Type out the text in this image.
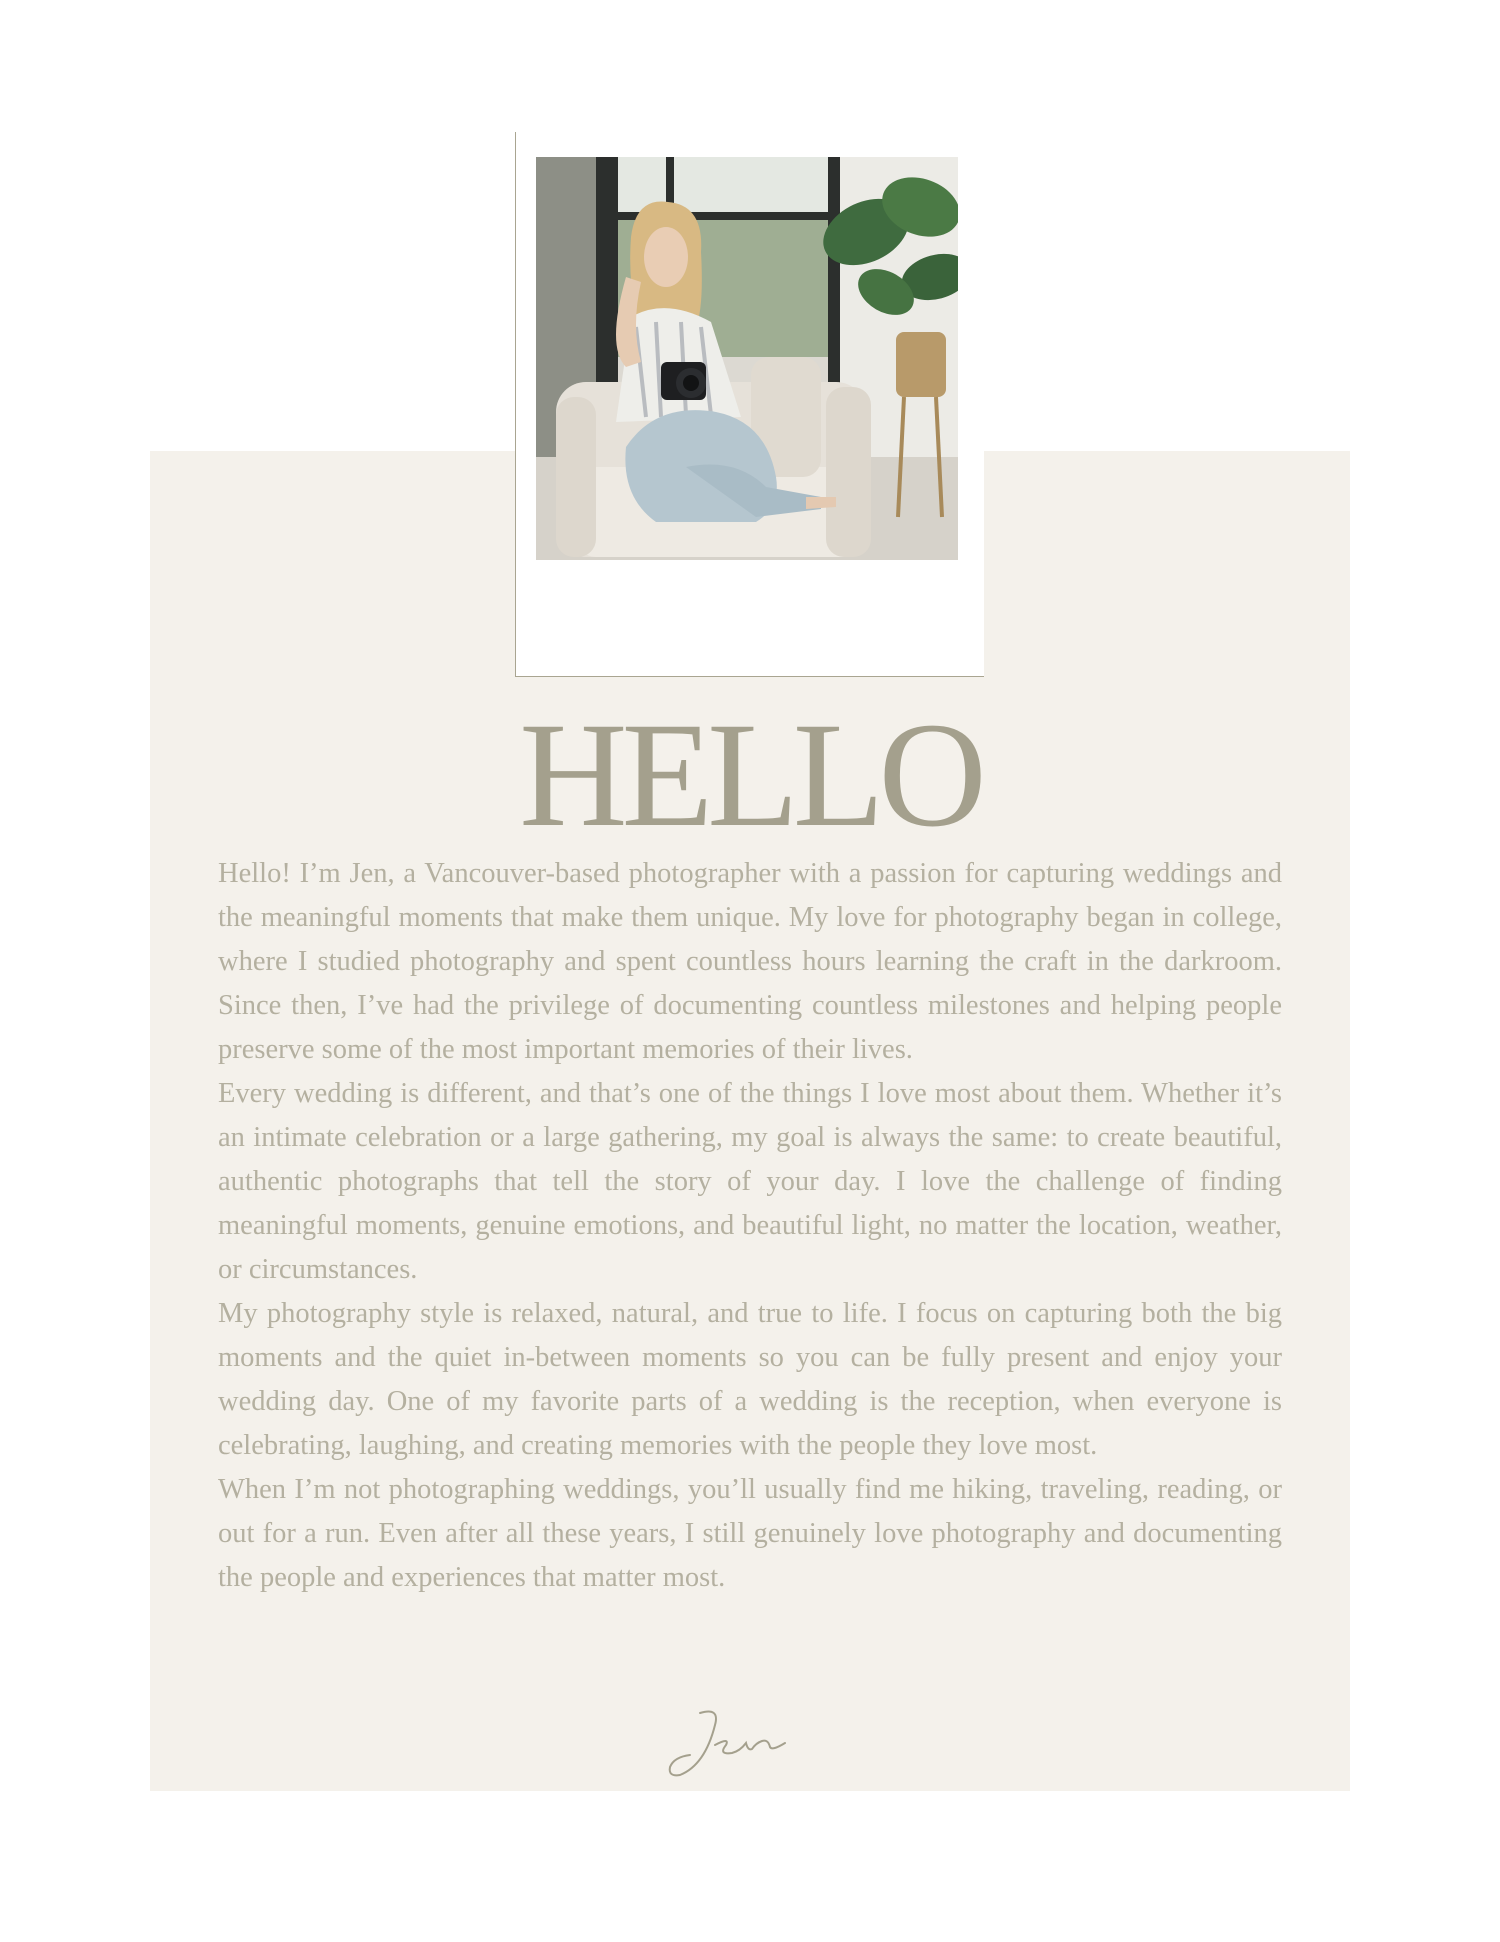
HELLO

Hello! I’m Jen, a Vancouver-based photographer with a passion for capturing weddings and the meaningful moments that make them unique. My love for photography began in college, where I studied photography and spent countless hours learning the craft in the darkroom. Since then, I’ve had the privilege of documenting countless milestones and helping people preserve some of the most important memories of their lives.

Every wedding is different, and that’s one of the things I love most about them. Whether it’s an intimate celebration or a large gathering, my goal is always the same: to create beautiful, authentic photographs that tell the story of your day. I love the challenge of finding meaningful moments, genuine emotions, and beautiful light, no matter the location, weather, or circumstances.

My photography style is relaxed, natural, and true to life. I focus on capturing both the big moments and the quiet in-between moments so you can be fully present and enjoy your wedding day. One of my favorite parts of a wedding is the reception, when everyone is celebrating, laughing, and creating memories with the people they love most.

When I’m not photographing weddings, you’ll usually find me hiking, traveling, reading, or out for a run. Even after all these years, I still genuinely love photography and documenting the people and experiences that matter most.
